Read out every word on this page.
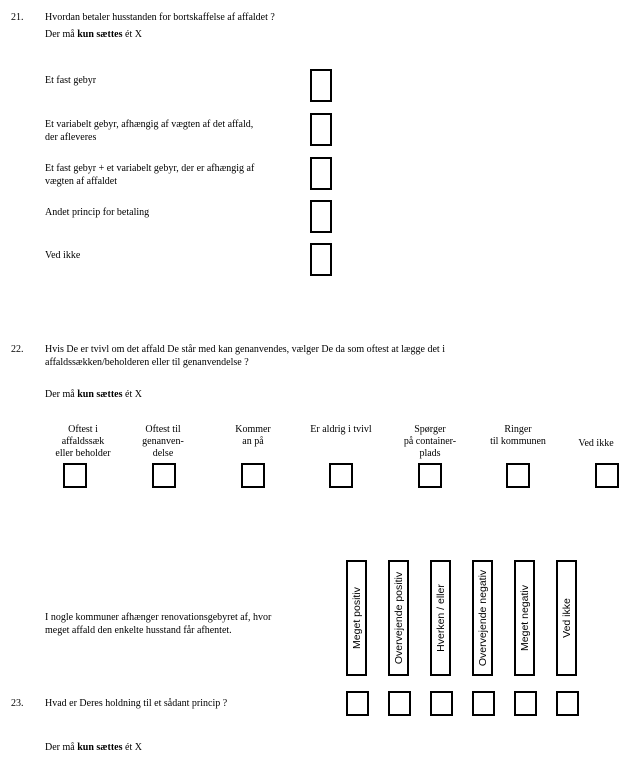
21. Hvordan betaler husstanden for bortskaffelse af affaldet ?
Der må kun sættes ét X
Et fast gebyr
Et variabelt gebyr, afhængig af vægten af det affald,
der afleveres
Et fast gebyr + et variabelt gebyr, der er afhængig af
vægten af affaldet
Andet princip for betaling
Ved ikke
22. Hvis De er tvivl om det affald De står med kan genanvendes, vælger De da som oftest at lægge det i
affaldssækken/beholderen eller til genanvendelse ?
Der må kun sættes ét X
Oftest i
affaldssæk
eller beholder
Oftest til
genanven-
delse
Kommer
an på
Er aldrig i tvivl	Spørger
på container-
plads
Ringer
til kommunen	Ved ikke
I nogle kommuner afhænger renovationsgebyret af, hvor
meget affald den enkelte husstand får afhentet.	Meget positiv	Overvejende positiv	Hverken / eller	Overvejende negativ	Meget negativ	Ved ikke
23. Hvad er Deres holdning til et sådant princip ?
Der må kun sættes ét X
